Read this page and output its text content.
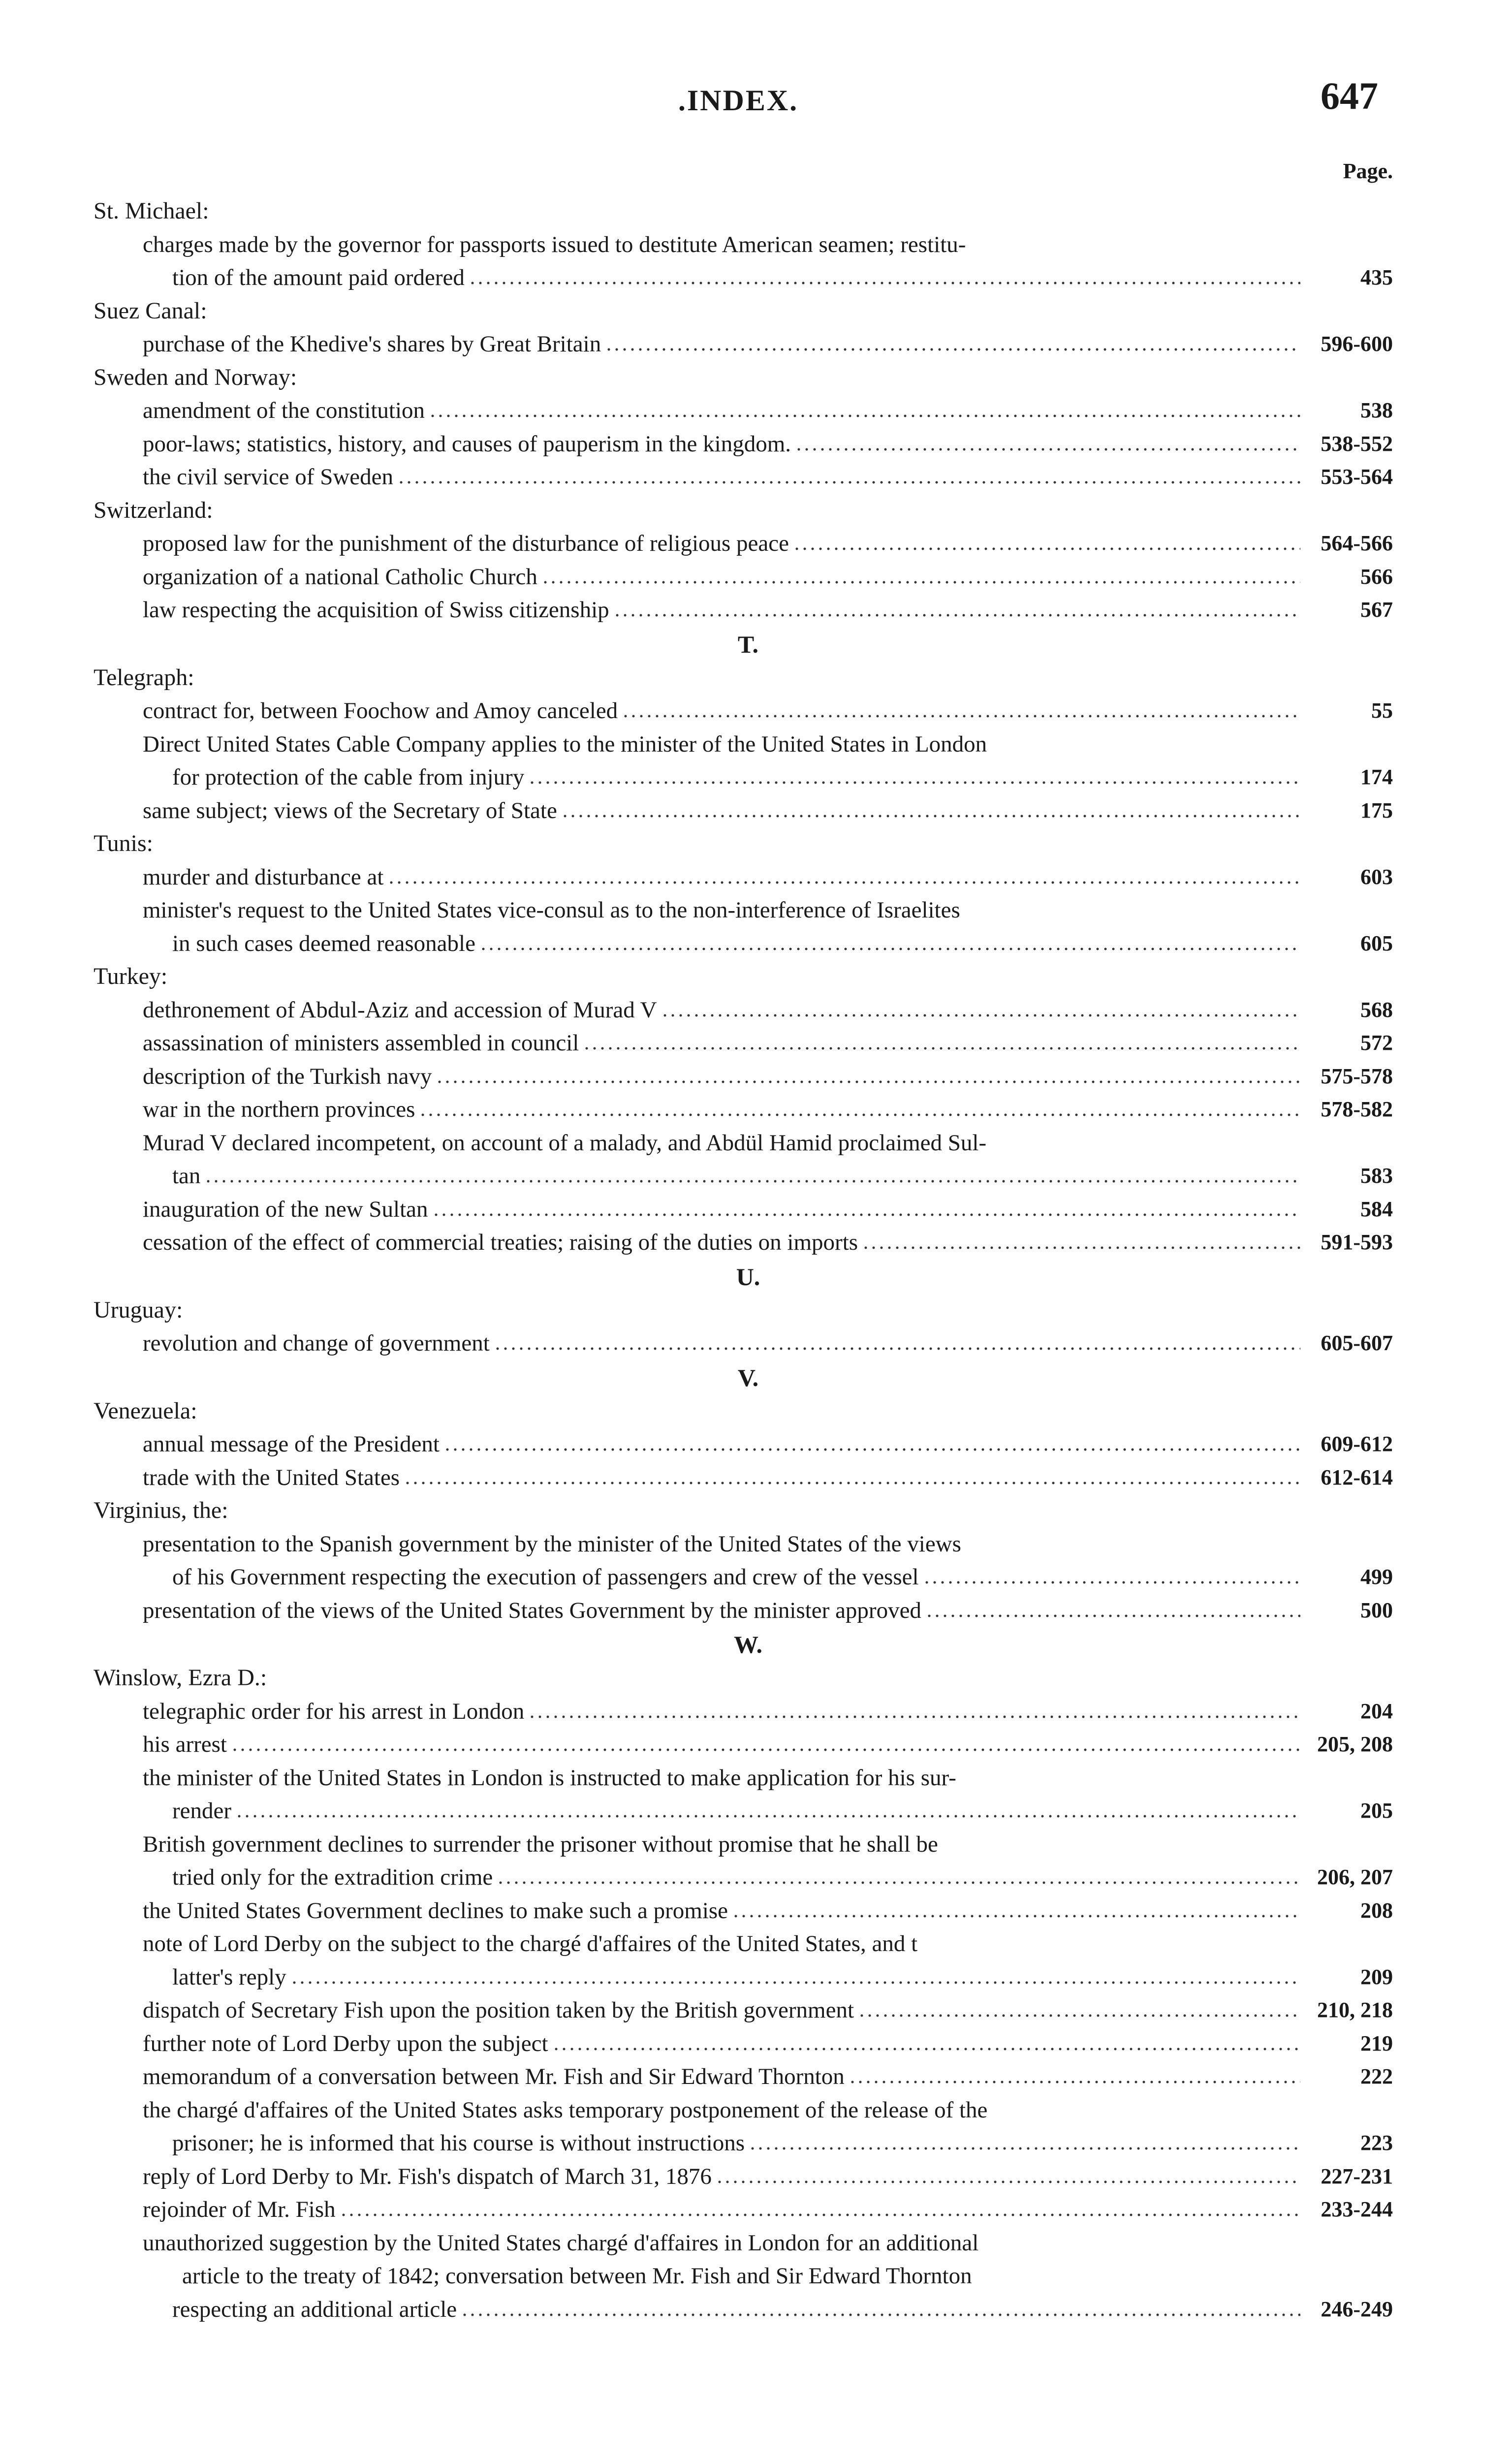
.INDEX.	647
Page.
St. Michael:
charges made by the governor for passports issued to destitute American seamen; restitu-
tion of the amount paid ordered	435
Suez Canal:
purchase of the Khedive's shares by Great Britain	596-600
Sweden and Norway:
amendment of the constitution	538
poor-laws; statistics, history, and causes of pauperism in the kingdom.	538-552
the civil service of Sweden	553-564
Switzerland:
proposed law for the punishment of the disturbance of religious peace	564-566
organization of a national Catholic Church	566
law respecting the acquisition of Swiss citizenship	567
T.
Telegraph:
contract for, between Foochow and Amoy canceled	55
Direct United States Cable Company applies to the minister of the United States in London
for protection of the cable from injury	174
same subject; views of the Secretary of State	175
Tunis:
murder and disturbance at	603
minister's request to the United States vice-consul as to the non-interference of Israelites
in such cases deemed reasonable	605
Turkey:
dethronement of Abdul-Aziz and accession of Murad V	568
assassination of ministers assembled in council	572
description of the Turkish navy	575-578
war in the northern provinces	578-582
Murad V declared incompetent, on account of a malady, and Abdül Hamid proclaimed Sul-
tan	583
inauguration of the new Sultan	584
cessation of the effect of commercial treaties; raising of the duties on imports	591-593
U.
Uruguay:
revolution and change of government	605-607
V.
Venezuela:
annual message of the President	609-612
trade with the United States	612-614
Virginius, the:
presentation to the Spanish government by the minister of the United States of the views
of his Government respecting the execution of passengers and crew of the vessel	499
presentation of the views of the United States Government by the minister approved	500
W.
Winslow, Ezra D.:
telegraphic order for his arrest in London	204
his arrest	205, 208
the minister of the United States in London is instructed to make application for his sur-
render	205
British government declines to surrender the prisoner without promise that he shall be
tried only for the extradition crime	206, 207
the United States Government declines to make such a promise	208
note of Lord Derby on the subject to the chargé d'affaires of the United States, and t
latter's reply	209
dispatch of Secretary Fish upon the position taken by the British government	210, 218
further note of Lord Derby upon the subject	219
memorandum of a conversation between Mr. Fish and Sir Edward Thornton	222
the chargé d'affaires of the United States asks temporary postponement of the release of the
prisoner; he is informed that his course is without instructions	223
reply of Lord Derby to Mr. Fish's dispatch of March 31, 1876	227-231
rejoinder of Mr. Fish	233-244
unauthorized suggestion by the United States chargé d'affaires in London for an additional
article to the treaty of 1842; conversation between Mr. Fish and Sir Edward Thornton
respecting an additional article	246-249
